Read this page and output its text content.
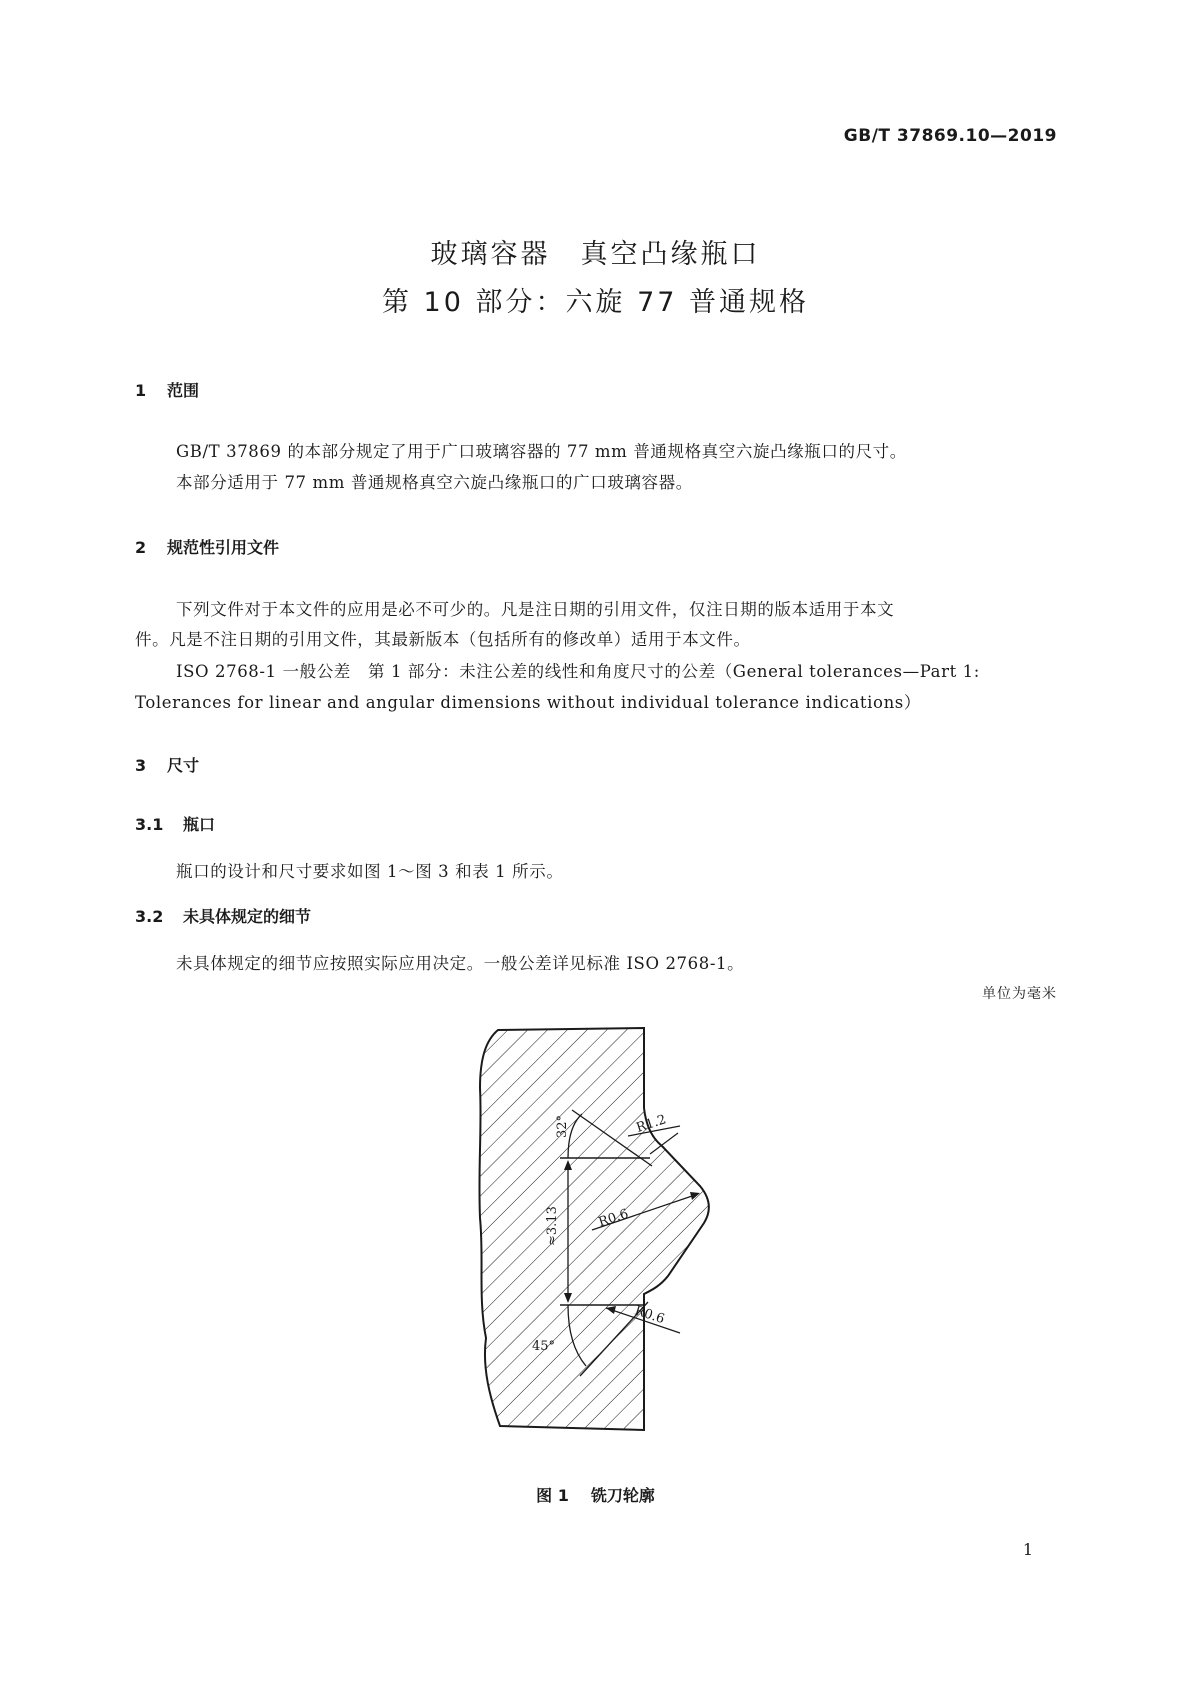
GB/T 37869.10—2019
玻璃容器　真空凸缘瓶口
第 10 部分：六旋 77 普通规格
1 范围
GB/T 37869 的本部分规定了用于广口玻璃容器的 77 mm 普通规格真空六旋凸缘瓶口的尺寸。
本部分适用于 77 mm 普通规格真空六旋凸缘瓶口的广口玻璃容器。
2 规范性引用文件
下列文件对于本文件的应用是必不可少的。凡是注日期的引用文件，仅注日期的版本适用于本文
件。凡是不注日期的引用文件，其最新版本（包括所有的修改单）适用于本文件。
ISO 2768-1 一般公差　第 1 部分：未注公差的线性和角度尺寸的公差（General tolerances—Part 1:
Tolerances for linear and angular dimensions without individual tolerance indications）
3 尺寸
3.1 瓶口
瓶口的设计和尺寸要求如图 1～图 3 和表 1 所示。
3.2 未具体规定的细节
未具体规定的细节应按照实际应用决定。一般公差详见标准 ISO 2768-1。
单位为毫米
R1.2
R0.6
R0.6
32°
≈3.13
45°
图 1 铣刀轮廓
1
